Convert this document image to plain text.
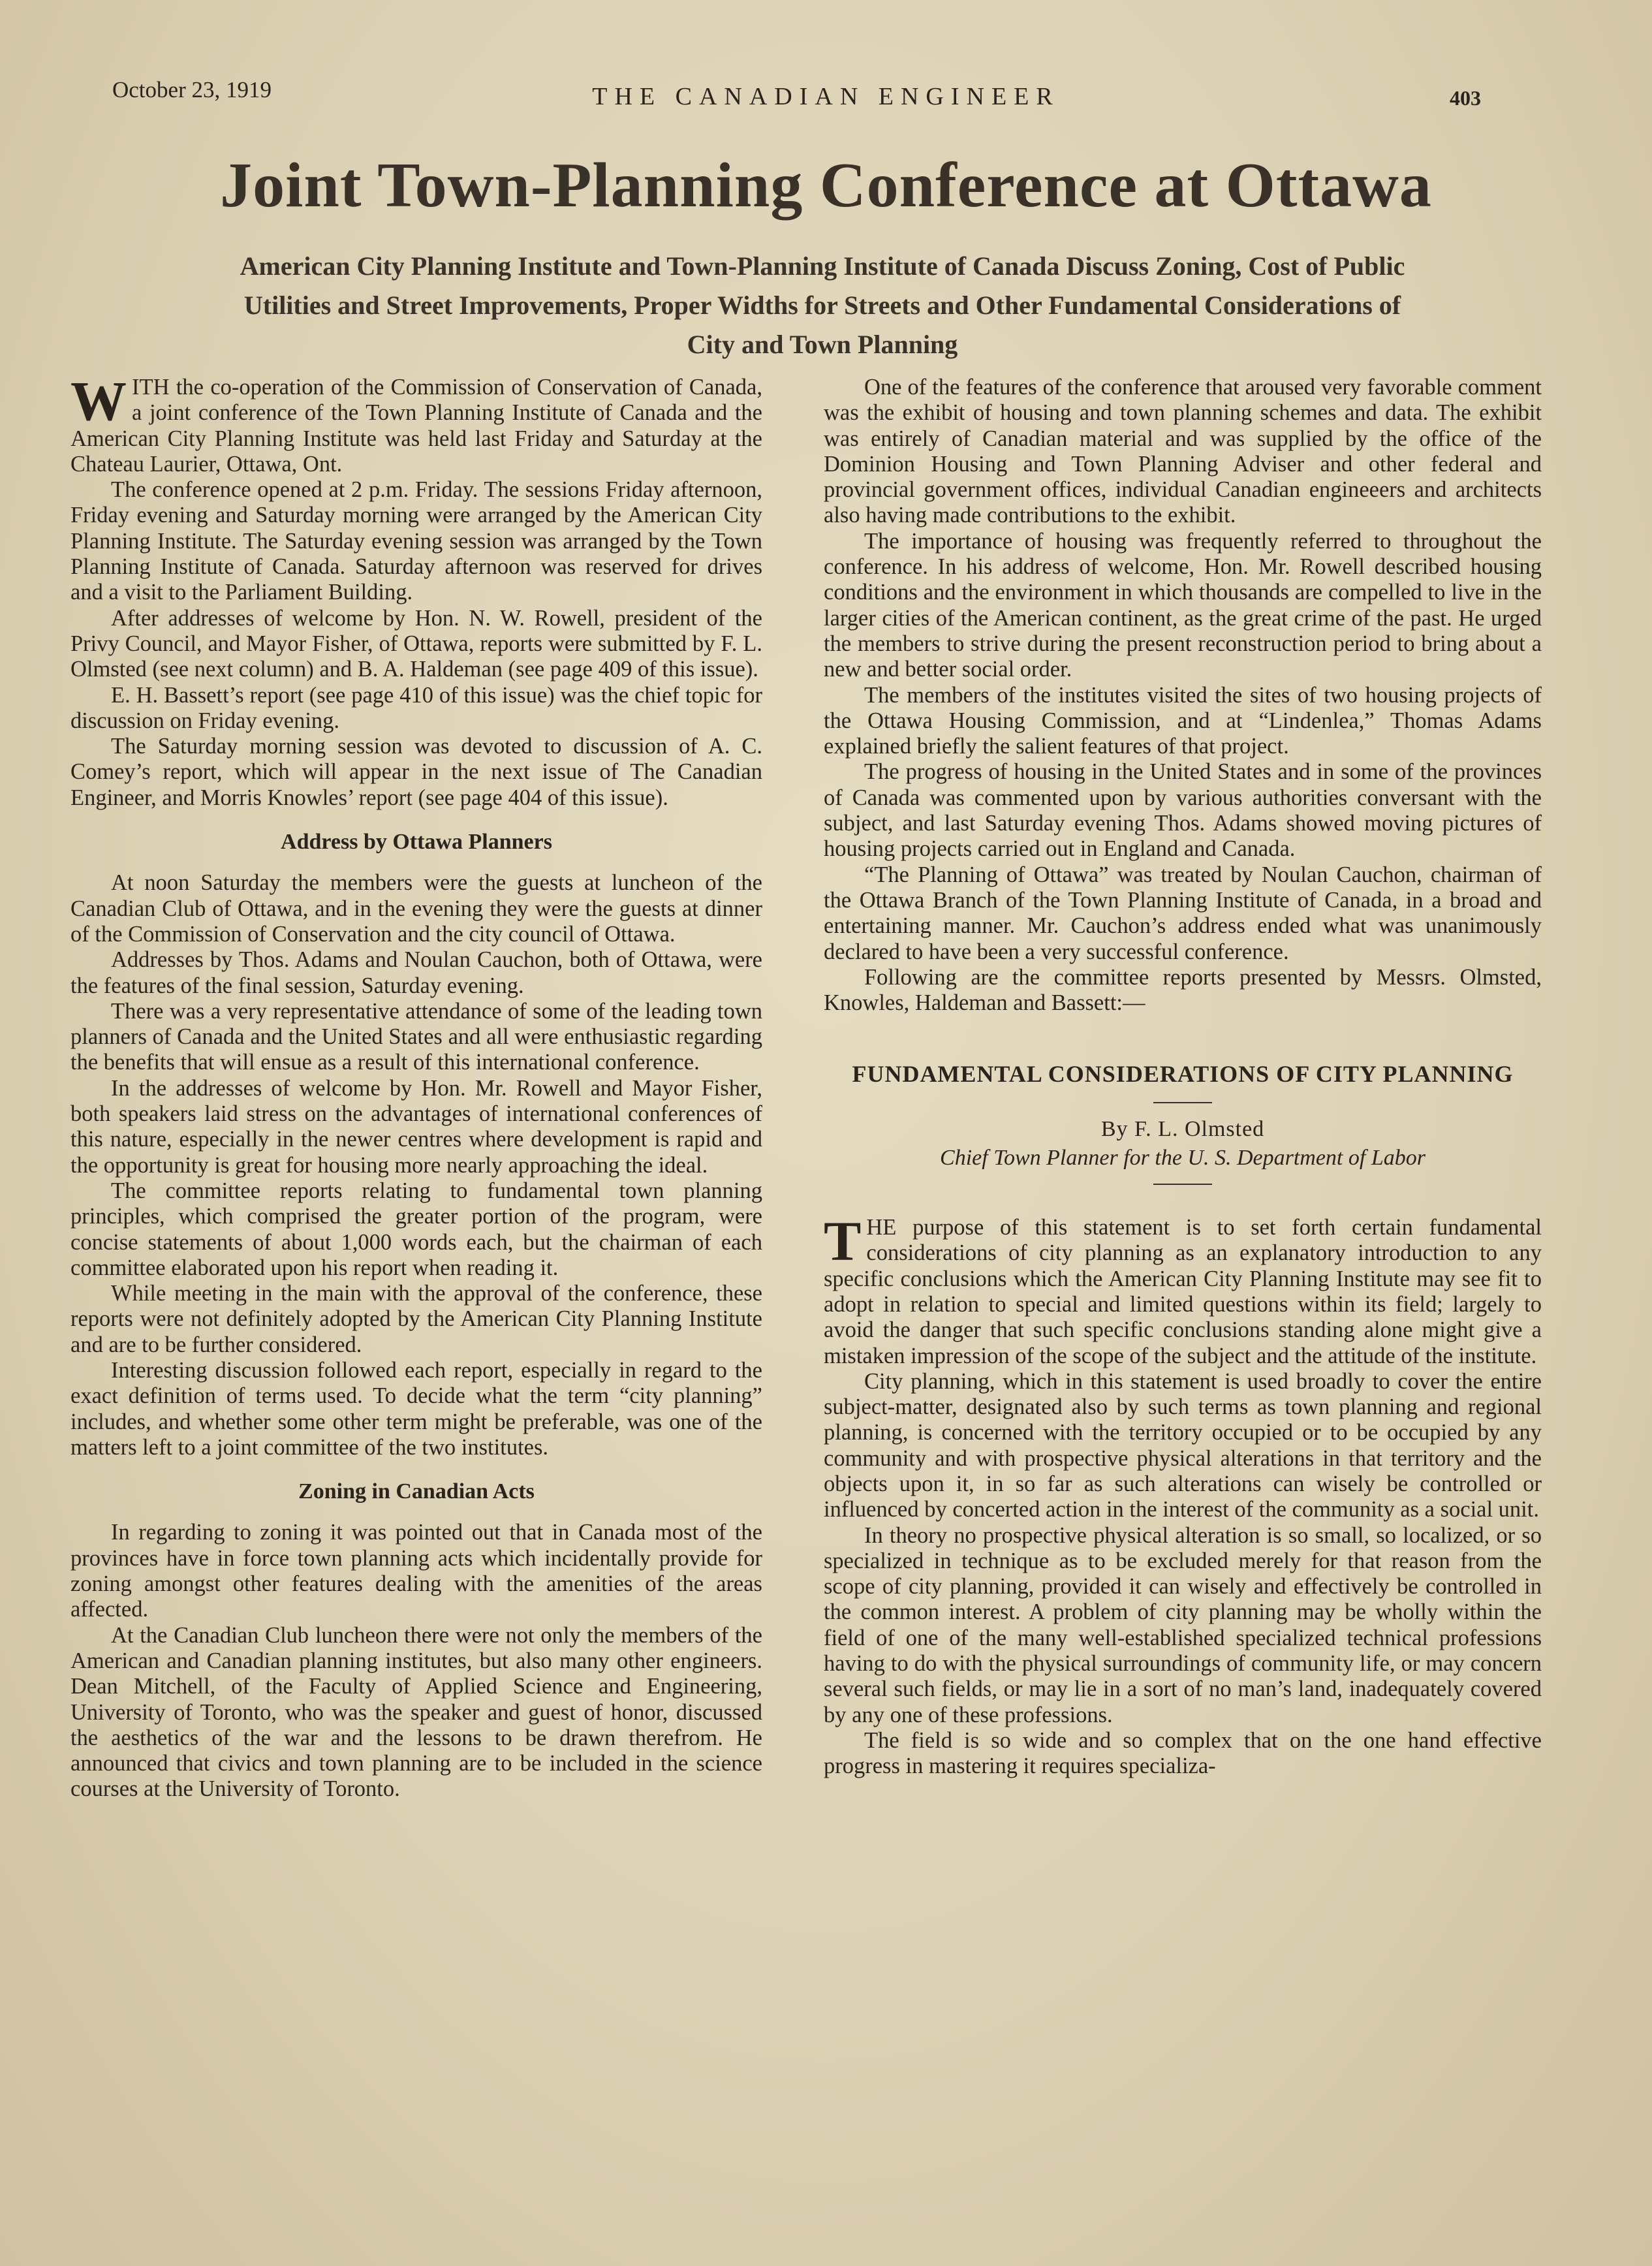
October 23, 1919	THE CANADIAN ENGINEER	403
Joint Town-Planning Conference at Ottawa
American City Planning Institute and Town-Planning Institute of Canada Discuss Zoning, Cost of Public Utilities and Street Improvements, Proper Widths for Streets and Other Fundamental Considerations of City and Town Planning

WITH the co-operation of the Commission of Conservation of Canada, a joint conference of the Town Planning Institute of Canada and the American City Planning Institute was held last Friday and Saturday at the Chateau Laurier, Ottawa, Ont.

The conference opened at 2 p.m. Friday. The sessions Friday afternoon, Friday evening and Saturday morning were arranged by the American City Planning Institute. The Saturday evening session was arranged by the Town Planning Institute of Canada. Saturday afternoon was reserved for drives and a visit to the Parliament Building.

After addresses of welcome by Hon. N. W. Rowell, president of the Privy Council, and Mayor Fisher, of Ottawa, reports were submitted by F. L. Olmsted (see next column) and B. A. Haldeman (see page 409 of this issue).

E. H. Bassett’s report (see page 410 of this issue) was the chief topic for discussion on Friday evening.

The Saturday morning session was devoted to discussion of A. C. Comey’s report, which will appear in the next issue of The Canadian Engineer, and Morris Knowles’ report (see page 404 of this issue).

Address by Ottawa Planners

At noon Saturday the members were the guests at luncheon of the Canadian Club of Ottawa, and in the evening they were the guests at dinner of the Commission of Conservation and the city council of Ottawa.

Addresses by Thos. Adams and Noulan Cauchon, both of Ottawa, were the features of the final session, Saturday evening.

There was a very representative attendance of some of the leading town planners of Canada and the United States and all were enthusiastic regarding the benefits that will ensue as a result of this international conference.

In the addresses of welcome by Hon. Mr. Rowell and Mayor Fisher, both speakers laid stress on the advantages of international conferences of this nature, especially in the newer centres where development is rapid and the opportunity is great for housing more nearly approaching the ideal.

The committee reports relating to fundamental town planning principles, which comprised the greater portion of the program, were concise statements of about 1,000 words each, but the chairman of each committee elaborated upon his report when reading it.

While meeting in the main with the approval of the conference, these reports were not definitely adopted by the American City Planning Institute and are to be further considered.

Interesting discussion followed each report, especially in regard to the exact definition of terms used. To decide what the term “city planning” includes, and whether some other term might be preferable, was one of the matters left to a joint committee of the two institutes.

Zoning in Canadian Acts

In regarding to zoning it was pointed out that in Canada most of the provinces have in force town planning acts which incidentally provide for zoning amongst other features dealing with the amenities of the areas affected.

At the Canadian Club luncheon there were not only the members of the American and Canadian planning institutes, but also many other engineers. Dean Mitchell, of the Faculty of Applied Science and Engineering, University of Toronto, who was the speaker and guest of honor, discussed the aesthetics of the war and the lessons to be drawn therefrom. He announced that civics and town planning are to be included in the science courses at the University of Toronto.

One of the features of the conference that aroused very favorable comment was the exhibit of housing and town planning schemes and data. The exhibit was entirely of Canadian material and was supplied by the office of the Dominion Housing and Town Planning Adviser and other federal and provincial government offices, individual Canadian engineeers and architects also having made contributions to the exhibit.

The importance of housing was frequently referred to throughout the conference. In his address of welcome, Hon. Mr. Rowell described housing conditions and the environment in which thousands are compelled to live in the larger cities of the American continent, as the great crime of the past. He urged the members to strive during the present reconstruction period to bring about a new and better social order.

The members of the institutes visited the sites of two housing projects of the Ottawa Housing Commission, and at “Lindenlea,” Thomas Adams explained briefly the salient features of that project.

The progress of housing in the United States and in some of the provinces of Canada was commented upon by various authorities conversant with the subject, and last Saturday evening Thos. Adams showed moving pictures of housing projects carried out in England and Canada.

“The Planning of Ottawa” was treated by Noulan Cauchon, chairman of the Ottawa Branch of the Town Planning Institute of Canada, in a broad and entertaining manner. Mr. Cauchon’s address ended what was unanimously declared to have been a very successful conference.

Following are the committee reports presented by Messrs. Olmsted, Knowles, Haldeman and Bassett:—

FUNDAMENTAL CONSIDERATIONS OF CITY PLANNING
By F. L. Olmsted
Chief Town Planner for the U. S. Department of Labor

THE purpose of this statement is to set forth certain fundamental considerations of city planning as an explanatory introduction to any specific conclusions which the American City Planning Institute may see fit to adopt in relation to special and limited questions within its field; largely to avoid the danger that such specific conclusions standing alone might give a mistaken impression of the scope of the subject and the attitude of the institute.

City planning, which in this statement is used broadly to cover the entire subject-matter, designated also by such terms as town planning and regional planning, is concerned with the territory occupied or to be occupied by any community and with prospective physical alterations in that territory and the objects upon it, in so far as such alterations can wisely be controlled or influenced by concerted action in the interest of the community as a social unit.

In theory no prospective physical alteration is so small, so localized, or so specialized in technique as to be excluded merely for that reason from the scope of city planning, provided it can wisely and effectively be controlled in the common interest. A problem of city planning may be wholly within the field of one of the many well-established specialized technical professions having to do with the physical surroundings of community life, or may concern several such fields, or may lie in a sort of no man’s land, inadequately covered by any one of these professions.

The field is so wide and so complex that on the one hand effective progress in mastering it requires specializa-
